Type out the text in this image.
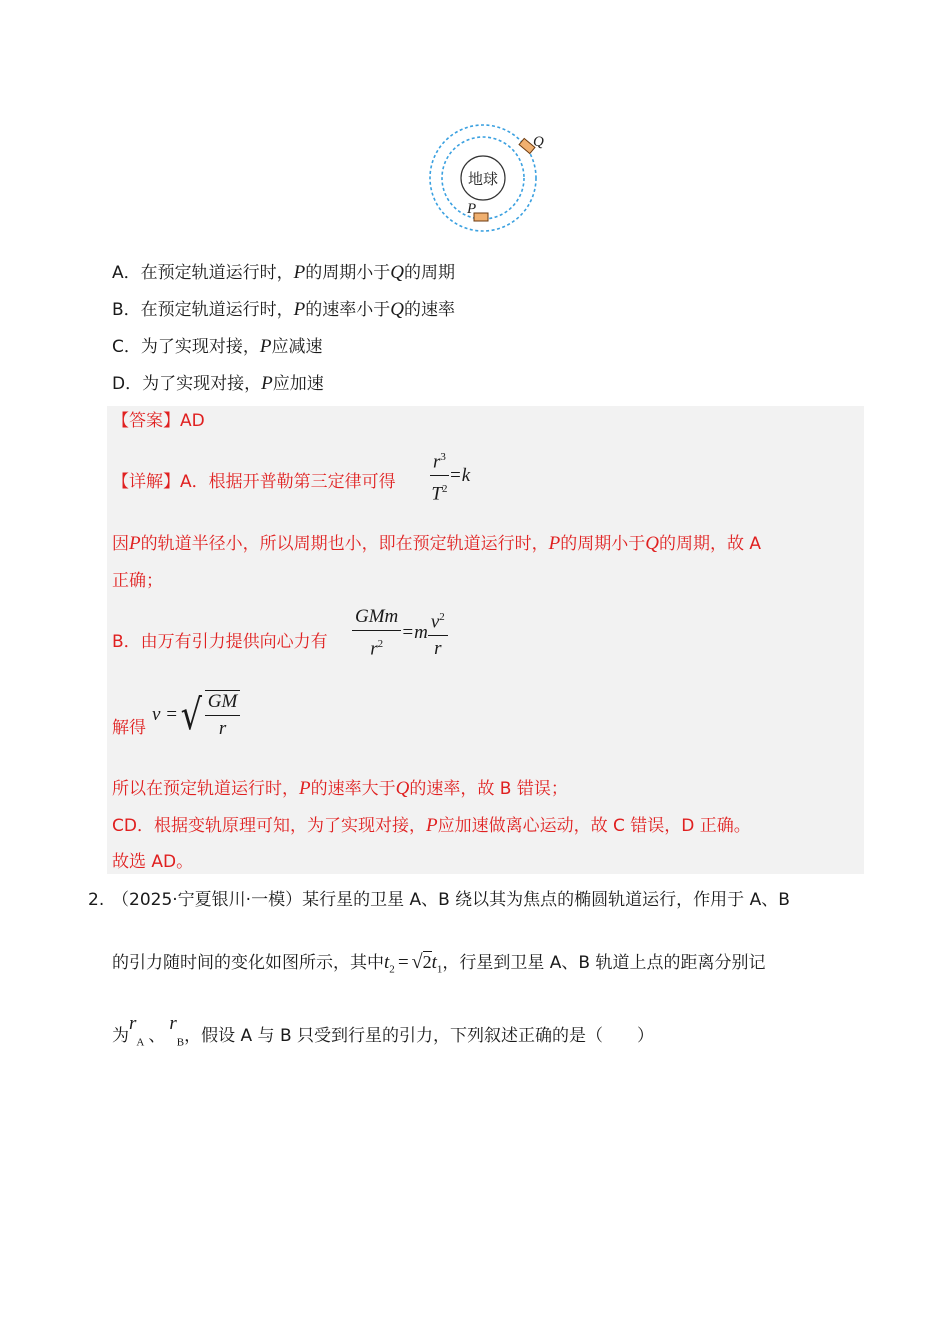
地球
P
Q
A．在预定轨道运行时，P的周期小于Q的周期
B．在预定轨道运行时，P的速率小于Q的速率
C．为了实现对接，P应减速
D．为了实现对接，P应加速
【答案】AD
【详解】A．根据开普勒第三定律可得 $\frac{r^3}{T^2} =k$
因P的轨道半径小，所以周期也小，即在预定轨道运行时，P的周期小于Q的周期，故 A
正确；
B．由万有引力提供向心力有 $\frac{\text{GMm}}{r^2} =m \frac{v^2}{r}$
解得
v =√ $\frac{GM}{r}$
所以在预定轨道运行时，P的速率大于Q的速率，故 B 错误；
CD．根据变轨原理可知，为了实现对接，P应加速做离心运动，故 C 错误，D 正确。
故选 AD。
2. （2025·宁夏银川·一模）某行星的卫星 A、B 绕以其为焦点的椭圆轨道运行，作用于 A、B
的引力随时间的变化如图所示，其中$t_2 = √2t_1$，行星到卫星 A、B 轨道上点的距离分别记
为$r_A$ 、$r_B$，假设 A 与 B 只受到行星的引力，下列叙述正确的是（　　）
